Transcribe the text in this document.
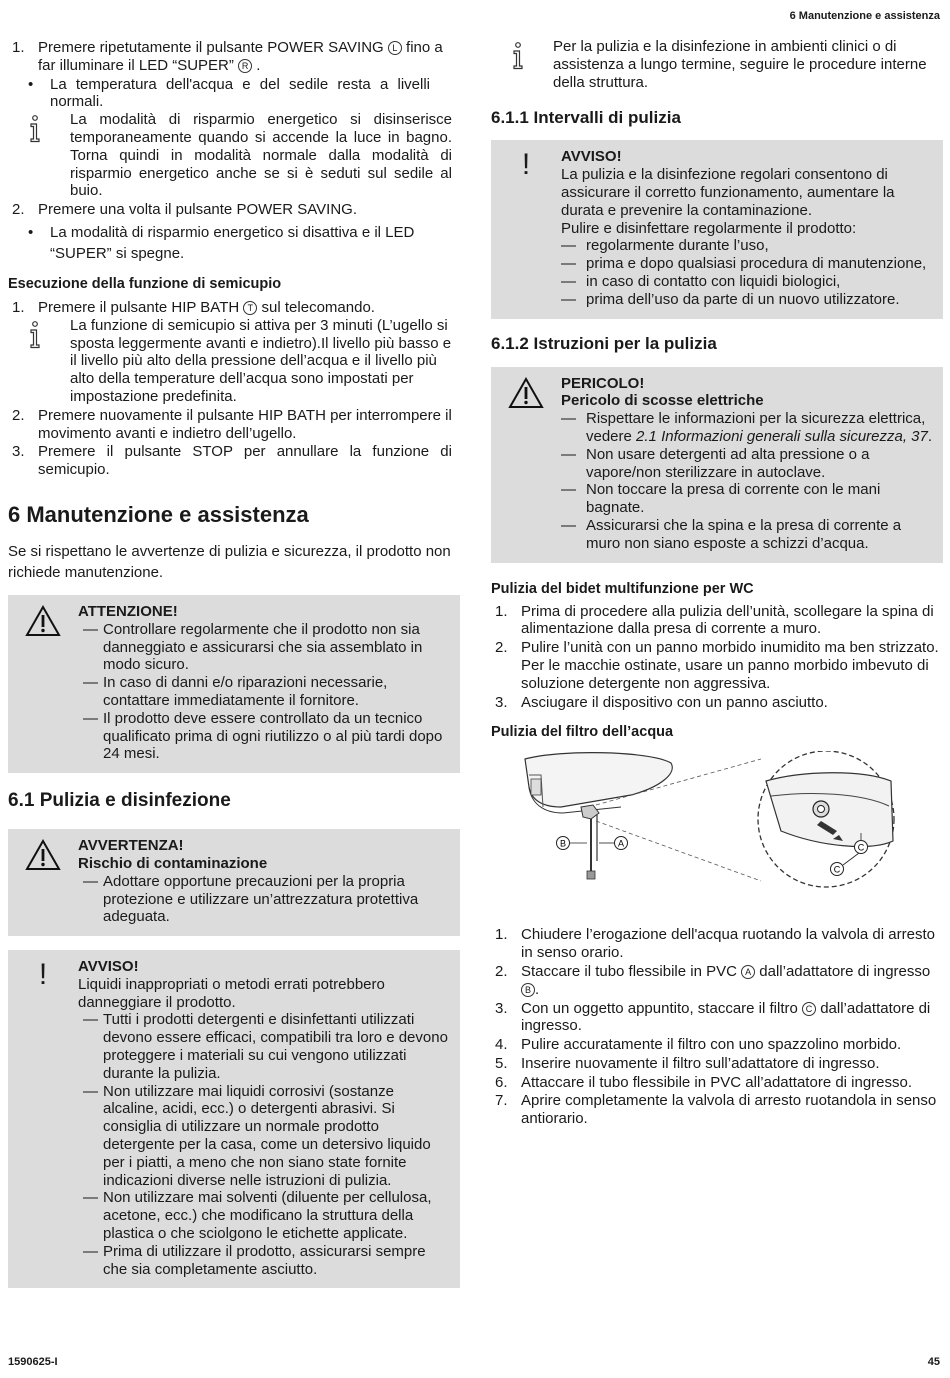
6 Manutenzione e assistenza
1. Premere ripetutamente il pulsante POWER SAVING L fino a far illuminare il LED “SUPER” R .
•	La temperatura dell'acqua e del sedile resta a livelli normali.
La modalità di risparmio energetico si disinserisce temporaneamente quando si accende la luce in bagno. Torna quindi in modalità normale dalla modalità di risparmio energetico anche se si è seduti sul sedile al buio.
2. Premere una volta il pulsante POWER SAVING.
•	La modalità di risparmio energetico si disattiva e il LED “SUPER” si spegne.
Esecuzione della funzione di semicupio
1. Premere il pulsante HIP BATH T sul telecomando.
La funzione di semicupio si attiva per 3 minuti (L’ugello si sposta leggermente avanti e indietro).Il livello più basso e il livello più alto della pressione dell’acqua e il livello più alto della temperature dell’acqua sono impostati per impostazione predefinita.
2. Premere nuovamente il pulsante HIP BATH per interrompere il movimento avanti e indietro dell’ugello.
3. Premere il pulsante STOP per annullare la funzione di semicupio.
6 Manutenzione e assistenza

Se si rispettano le avvertenze di pulizia e sicurezza, il prodotto non richiede manutenzione.

ATTENZIONE!
— Controllare regolarmente che il prodotto non sia danneggiato e assicurarsi che sia assemblato in modo sicuro.
— In caso di danni e/o riparazioni necessarie, contattare immediatamente il fornitore.
— Il prodotto deve essere controllato da un tecnico qualificato prima di ogni riutilizzo o al più tardi dopo 24 mesi.
6.1 Pulizia e disinfezione
AVVERTENZA!
Rischio di contaminazione
— Adottare opportune precauzioni per la propria protezione e utilizzare un’attrezzatura protettiva adeguata.
! AVVISO!
Liquidi inappropriati o metodi errati potrebbero danneggiare il prodotto.
— Tutti i prodotti detergenti e disinfettanti utilizzati devono essere efficaci, compatibili tra loro e devono proteggere i materiali su cui vengono utilizzati durante la pulizia.
— Non utilizzare mai liquidi corrosivi (sostanze alcaline, acidi, ecc.) o detergenti abrasivi. Si consiglia di utilizzare un normale prodotto detergente per la casa, come un detersivo liquido per i piatti, a meno che non siano state fornite indicazioni diverse nelle istruzioni di pulizia.
— Non utilizzare mai solventi (diluente per cellulosa, acetone, ecc.) che modificano la struttura della plastica o che sciolgono le etichette applicate.
— Prima di utilizzare il prodotto, assicurarsi sempre che sia completamente asciutto.
Per la pulizia e la disinfezione in ambienti clinici o di assistenza a lungo termine, seguire le procedure interne della struttura.
6.1.1 Intervalli di pulizia
! AVVISO!
La pulizia e la disinfezione regolari consentono di assicurare il corretto funzionamento, aumentare la durata e prevenire la contaminazione.
Pulire e disinfettare regolarmente il prodotto:
— regolarmente durante l’uso,
— prima e dopo qualsiasi procedura di manutenzione,
— in caso di contatto con liquidi biologici,
— prima dell’uso da parte di un nuovo utilizzatore.
6.1.2 Istruzioni per la pulizia
PERICOLO!
Pericolo di scosse elettriche
— Rispettare le informazioni per la sicurezza elettrica, vedere 2.1 Informazioni generali sulla sicurezza, 37.
— Non usare detergenti ad alta pressione o a vapore/non sterilizzare in autoclave.
— Non toccare la presa di corrente con le mani bagnate.
— Assicurarsi che la spina e la presa di corrente a muro non siano esposte a schizzi d’acqua.
Pulizia del bidet multifunzione per WC
1. Prima di procedere alla pulizia dell’unità, scollegare la spina di alimentazione dalla presa di corrente a muro.
2. Pulire l’unità con un panno morbido inumidito ma ben strizzato. Per le macchie ostinate, usare un panno morbido imbevuto di soluzione detergente non aggressiva.
3. Asciugare il dispositivo con un panno asciutto.
Pulizia del filtro dell’acqua
B	A	C
C
1. Chiudere l’erogazione dell'acqua ruotando la valvola di arresto in senso orario.
2. Staccare il tubo flessibile in PVC A dall’adattatore di ingresso B .
3. Con un oggetto appuntito, staccare il filtro C dall’adattatore di ingresso.
4. Pulire accuratamente il filtro con uno spazzolino morbido.
5. Inserire nuovamente il filtro sull’adattatore di ingresso.
6. Attaccare il tubo flessibile in PVC all’adattatore di ingresso.
7. Aprire completamente la valvola di arresto ruotandola in senso antiorario.
1590625-I	45
